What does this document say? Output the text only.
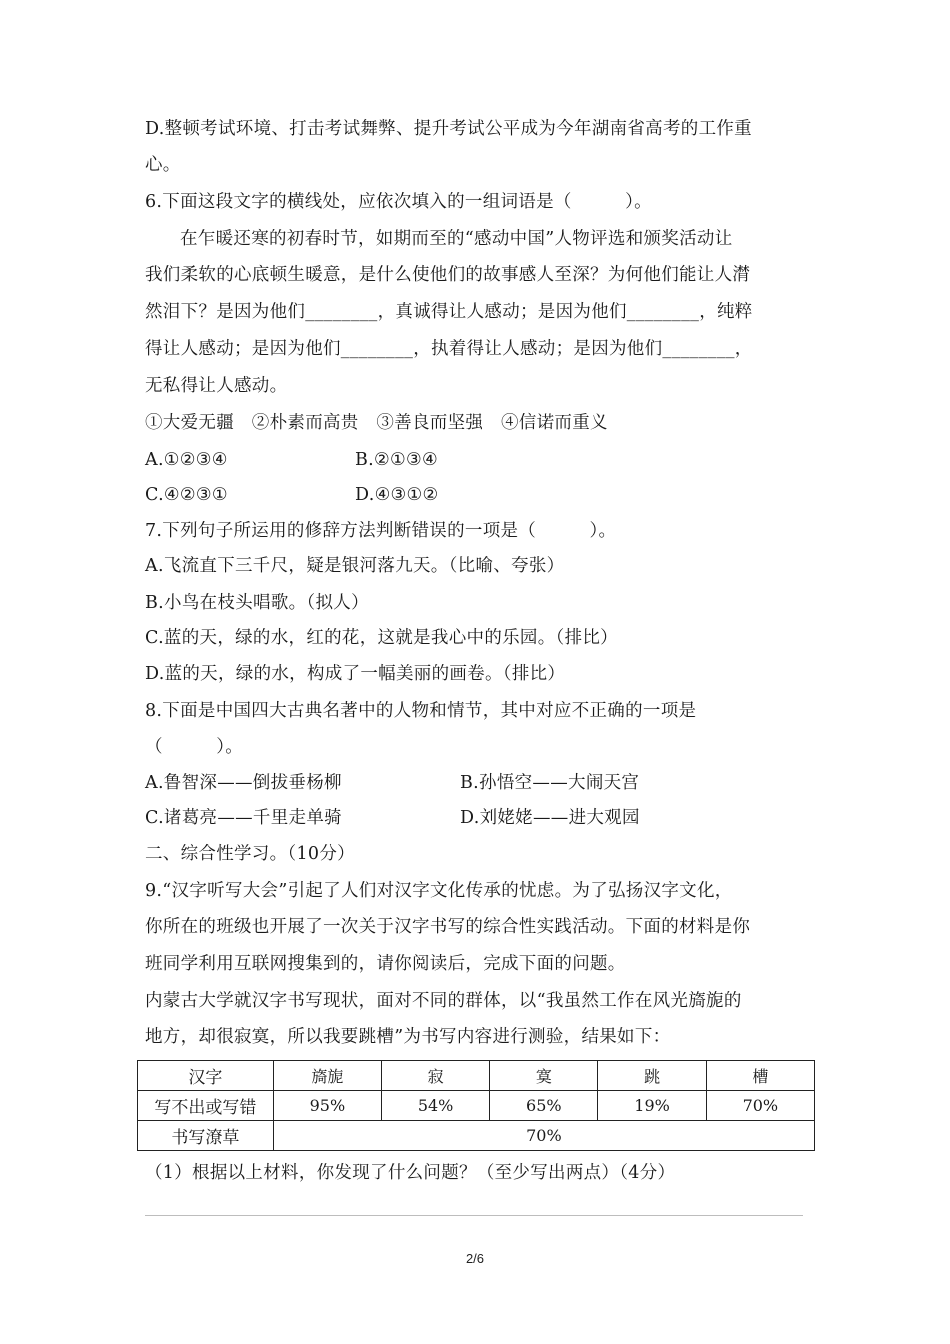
D.整顿考试环境、打击考试舞弊、提升考试公平成为今年湖南省高考的工作重
心。
6.下面这段文字的横线处，应依次填入的一组词语是（　　　）。
在乍暖还寒的初春时节，如期而至的“感动中国”人物评选和颁奖活动让
我们柔软的心底顿生暖意，是什么使他们的故事感人至深？为何他们能让人潸
然泪下？是因为他们________，真诚得让人感动；是因为他们________，纯粹
得让人感动；是因为他们________，执着得让人感动；是因为他们________，
无私得让人感动。
①大爱无疆　②朴素而高贵　③善良而坚强　④信诺而重义
A.①②③④	B.②①③④
C.④②③①	D.④③①②
7.下列句子所运用的修辞方法判断错误的一项是（　　　）。
A.飞流直下三千尺，疑是银河落九天。（比喻、夸张）
B.小鸟在枝头唱歌。（拟人）
C.蓝的天，绿的水，红的花，这就是我心中的乐园。（排比）
D.蓝的天，绿的水，构成了一幅美丽的画卷。（排比）
8.下面是中国四大古典名著中的人物和情节，其中对应不正确的一项是
（　　　）。
A.鲁智深——倒拔垂杨柳	B.孙悟空——大闹天宫
C.诸葛亮——千里走单骑	D.刘姥姥——进大观园
二、综合性学习。（10分）
9.“汉字听写大会”引起了人们对汉字文化传承的忧虑。为了弘扬汉字文化，
你所在的班级也开展了一次关于汉字书写的综合性实践活动。下面的材料是你
班同学利用互联网搜集到的，请你阅读后，完成下面的问题。
内蒙古大学就汉字书写现状，面对不同的群体，以“我虽然工作在风光旖旎的
地方，却很寂寞，所以我要跳槽”为书写内容进行测验，结果如下：
汉字	旖旎	寂	寞	跳	槽
写不出或写错	95%	54%	65%	19%	70%
书写潦草	70%				
（1）根据以上材料，你发现了什么问题？（至少写出两点）（4分）
2/6
